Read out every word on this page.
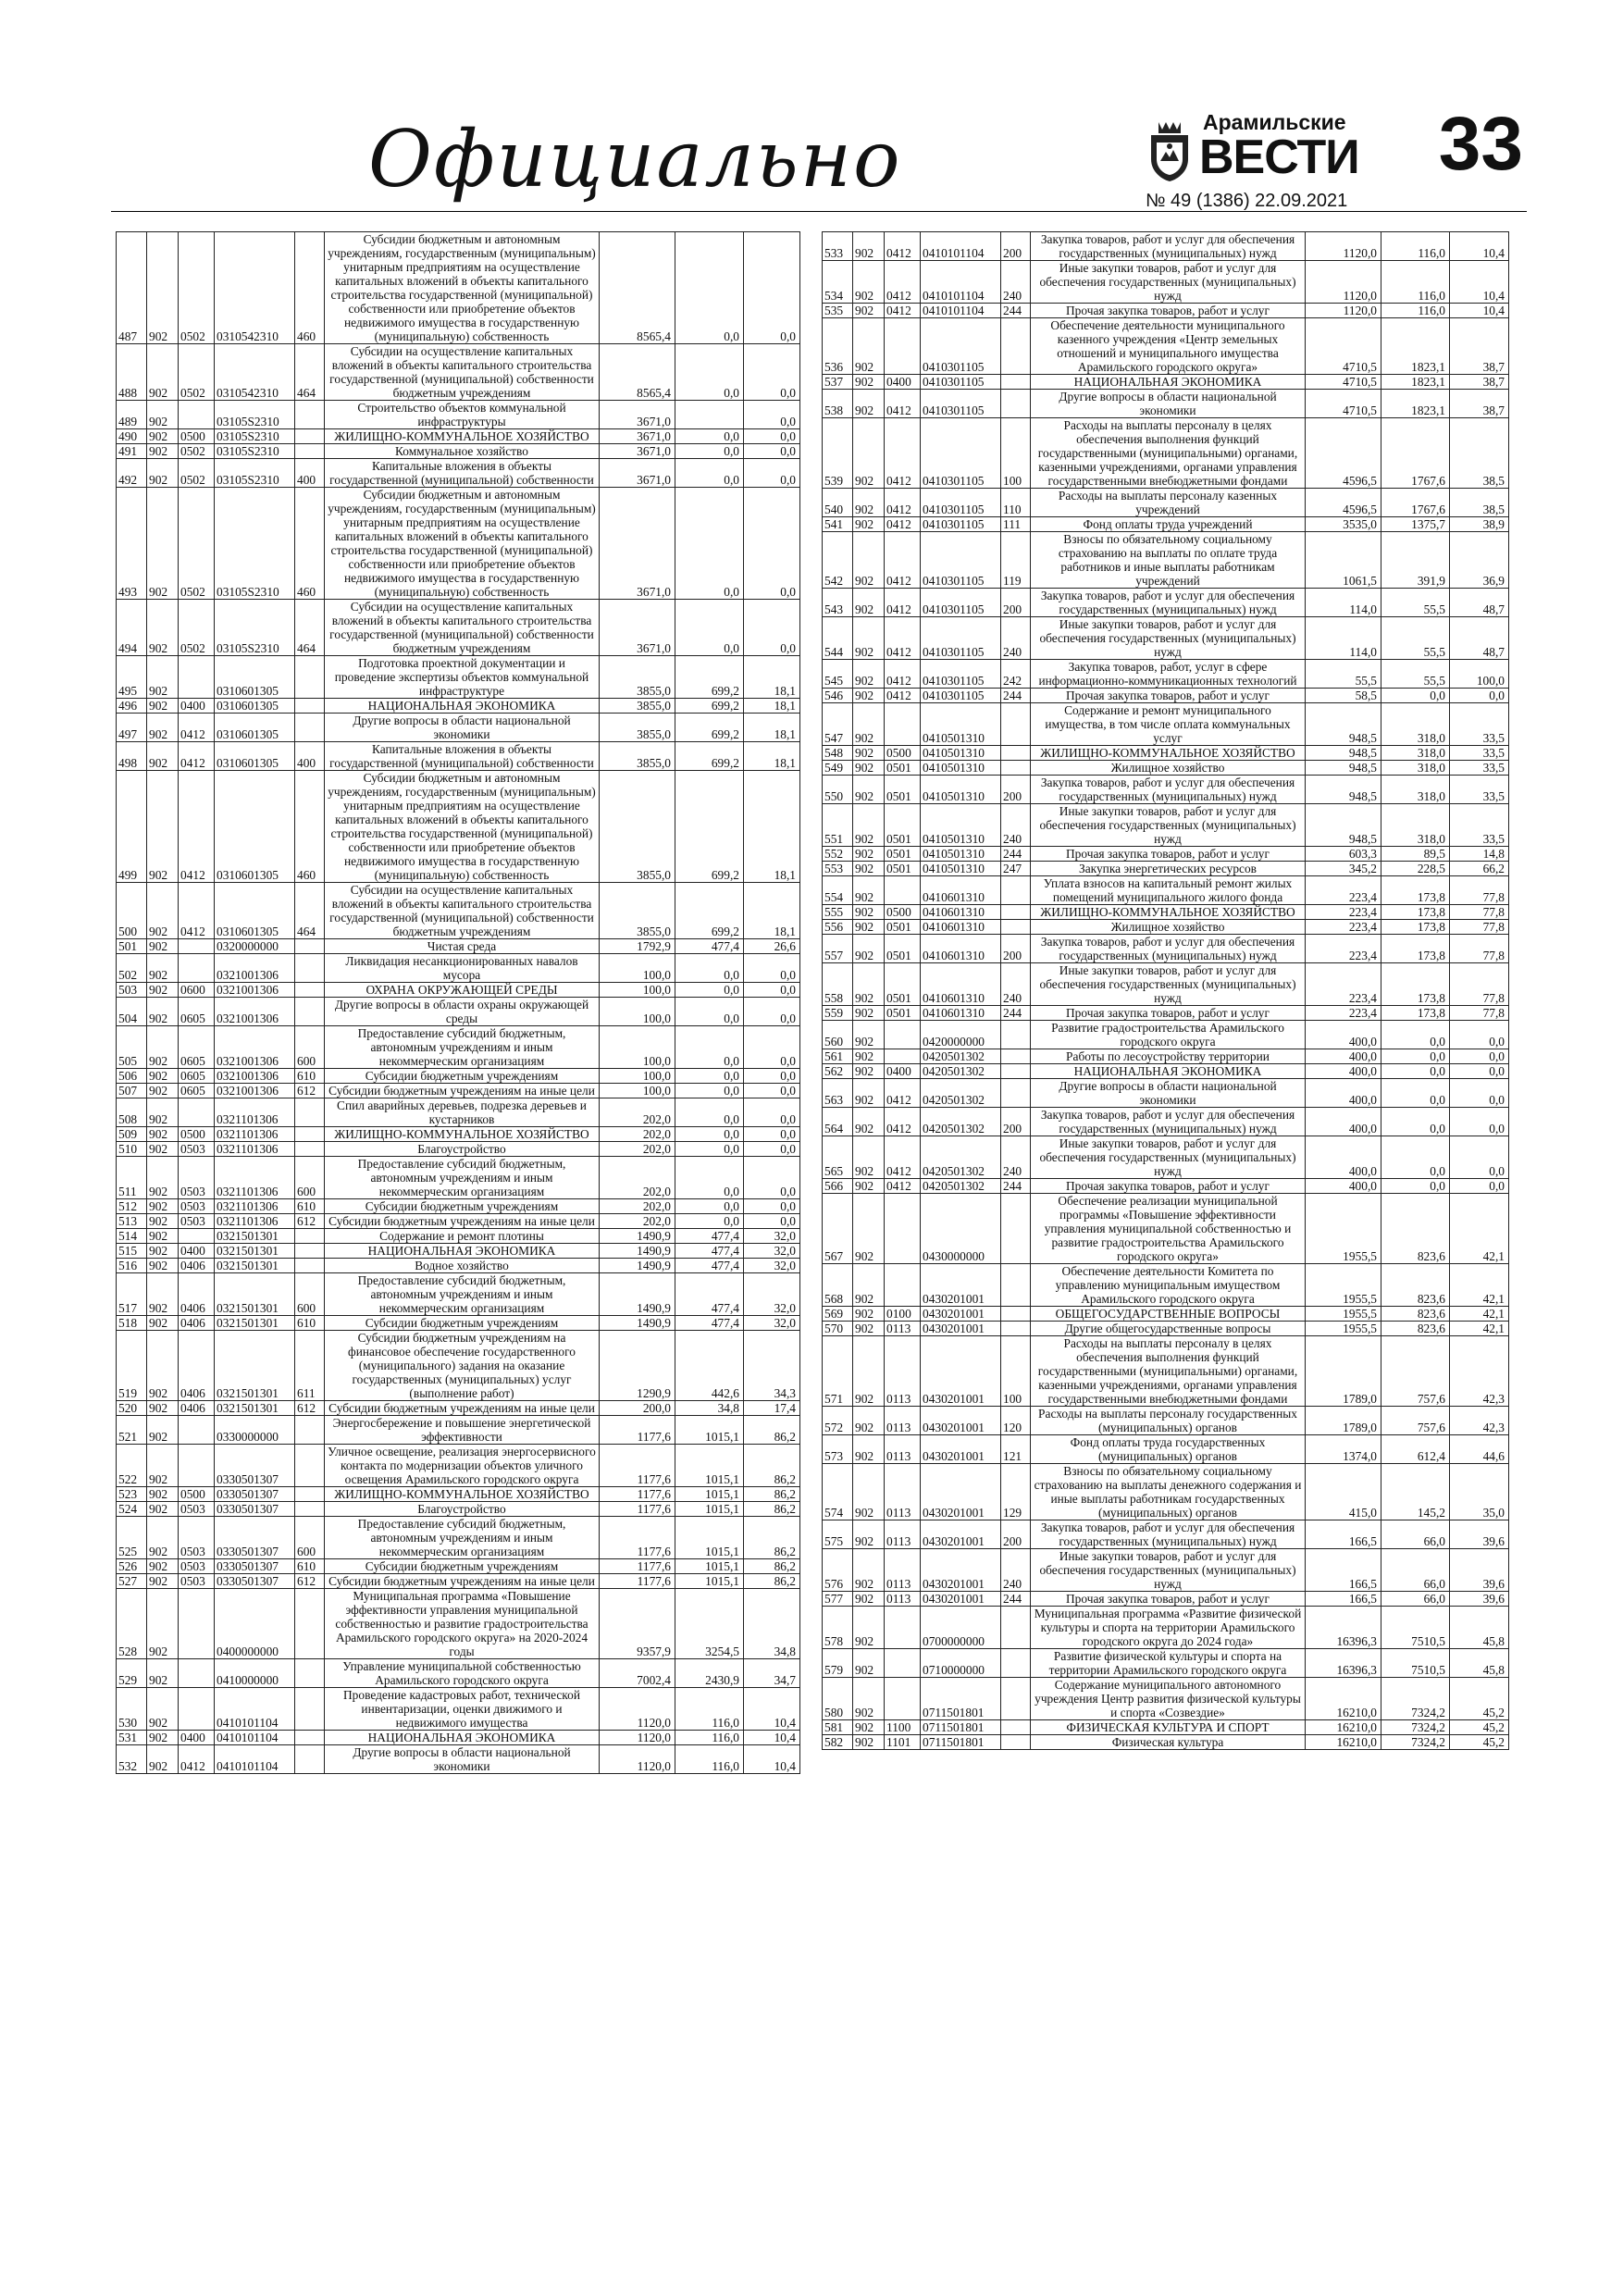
Официально	Арамильские
ВЕСТИ
№ 49 (1386) 22.09.2021
33
487	902	0502	0310542310	460	Субсидии бюджетным и автономным учреждениям, государственным (муниципальным) унитарным предприятиям на осуществление капитальных вложений в объекты капитального строительства государственной (муниципальной) собственности или приобретение объектов недвижимого имущества в государственную (муниципальную) собственность	8565,4	0,0	0,0
488	902	0502	0310542310	464	Субсидии на осуществление капитальных вложений в объекты капитального строительства государственной (муниципальной) собственности бюджетным учреждениям	8565,4	0,0	0,0
489	902		03105S2310		Строительство объектов коммунальной инфраструктуры	3671,0		0,0
490	902	0500	03105S2310		ЖИЛИЩНО-КОММУНАЛЬНОЕ ХОЗЯЙСТВО	3671,0	0,0	0,0
491	902	0502	03105S2310		Коммунальное хозяйство	3671,0	0,0	0,0
492	902	0502	03105S2310	400	Капитальные вложения в объекты государственной (муниципальной) собственности	3671,0	0,0	0,0
493	902	0502	03105S2310	460	Субсидии бюджетным и автономным учреждениям, государственным (муниципальным) унитарным предприятиям на осуществление капитальных вложений в объекты капитального строительства государственной (муниципальной) собственности или приобретение объектов недвижимого имущества в государственную (муниципальную) собственность	3671,0	0,0	0,0
494	902	0502	03105S2310	464	Субсидии на осуществление капитальных вложений в объекты капитального строительства государственной (муниципальной) собственности бюджетным учреждениям	3671,0	0,0	0,0
495	902		0310601305		Подготовка проектной документации и проведение экспертизы объектов коммунальной инфраструктуре	3855,0	699,2	18,1
496	902	0400	0310601305		НАЦИОНАЛЬНАЯ ЭКОНОМИКА	3855,0	699,2	18,1
497	902	0412	0310601305		Другие вопросы в области национальной экономики	3855,0	699,2	18,1
498	902	0412	0310601305	400	Капитальные вложения в объекты государственной (муниципальной) собственности	3855,0	699,2	18,1
499	902	0412	0310601305	460	Субсидии бюджетным и автономным учреждениям, государственным (муниципальным) унитарным предприятиям на осуществление капитальных вложений в объекты капитального строительства государственной (муниципальной) собственности или приобретение объектов недвижимого имущества в государственную (муниципальную) собственность	3855,0	699,2	18,1
500	902	0412	0310601305	464	Субсидии на осуществление капитальных вложений в объекты капитального строительства государственной (муниципальной) собственности бюджетным учреждениям	3855,0	699,2	18,1
501	902		0320000000		Чистая среда	1792,9	477,4	26,6
502	902		0321001306		Ликвидация несанкционированных навалов мусора	100,0	0,0	0,0
503	902	0600	0321001306		ОХРАНА ОКРУЖАЮЩЕЙ СРЕДЫ	100,0	0,0	0,0
504	902	0605	0321001306		Другие вопросы в области охраны окружающей среды	100,0	0,0	0,0
505	902	0605	0321001306	600	Предоставление субсидий бюджетным, автономным учреждениям и иным некоммерческим организациям	100,0	0,0	0,0
506	902	0605	0321001306	610	Субсидии бюджетным учреждениям	100,0	0,0	0,0
507	902	0605	0321001306	612	Субсидии бюджетным учреждениям на иные цели	100,0	0,0	0,0
508	902		0321101306		Спил аварийных деревьев, подрезка деревьев и кустарников	202,0	0,0	0,0
509	902	0500	0321101306		ЖИЛИЩНО-КОММУНАЛЬНОЕ ХОЗЯЙСТВО	202,0	0,0	0,0
510	902	0503	0321101306		Благоустройство	202,0	0,0	0,0
511	902	0503	0321101306	600	Предоставление субсидий бюджетным, автономным учреждениям и иным некоммерческим организациям	202,0	0,0	0,0
512	902	0503	0321101306	610	Субсидии бюджетным учреждениям	202,0	0,0	0,0
513	902	0503	0321101306	612	Субсидии бюджетным учреждениям на иные цели	202,0	0,0	0,0
514	902		0321501301		Содержание и ремонт плотины	1490,9	477,4	32,0
515	902	0400	0321501301		НАЦИОНАЛЬНАЯ ЭКОНОМИКА	1490,9	477,4	32,0
516	902	0406	0321501301		Водное хозяйство	1490,9	477,4	32,0
517	902	0406	0321501301	600	Предоставление субсидий бюджетным, автономным учреждениям и иным некоммерческим организациям	1490,9	477,4	32,0
518	902	0406	0321501301	610	Субсидии бюджетным учреждениям	1490,9	477,4	32,0
519	902	0406	0321501301	611	Субсидии бюджетным учреждениям на финансовое обеспечение государственного (муниципального) задания на оказание государственных (муниципальных) услуг (выполнение работ)	1290,9	442,6	34,3
520	902	0406	0321501301	612	Субсидии бюджетным учреждениям на иные цели	200,0	34,8	17,4
521	902		0330000000		Энергосбережение и повышение энергетической эффективности	1177,6	1015,1	86,2
522	902		0330501307		Уличное освещение, реализация энергосервисного контакта по модернизации объектов уличного освещения Арамильского городского округа	1177,6	1015,1	86,2
523	902	0500	0330501307		ЖИЛИЩНО-КОММУНАЛЬНОЕ ХОЗЯЙСТВО	1177,6	1015,1	86,2
524	902	0503	0330501307		Благоустройство	1177,6	1015,1	86,2
525	902	0503	0330501307	600	Предоставление субсидий бюджетным, автономным учреждениям и иным некоммерческим организациям	1177,6	1015,1	86,2
526	902	0503	0330501307	610	Субсидии бюджетным учреждениям	1177,6	1015,1	86,2
527	902	0503	0330501307	612	Субсидии бюджетным учреждениям на иные цели	1177,6	1015,1	86,2
528	902		0400000000		Муниципальная программа «Повышение эффективности управления муниципальной собственностью и развитие градостроительства Арамильского городского округа» на 2020-2024 годы	9357,9	3254,5	34,8
529	902		0410000000		Управление муниципальной собственностью Арамильского городского округа	7002,4	2430,9	34,7
530	902		0410101104		Проведение кадастровых работ, технической инвентаризации, оценки движимого и недвижимого имущества	1120,0	116,0	10,4
531	902	0400	0410101104		НАЦИОНАЛЬНАЯ ЭКОНОМИКА	1120,0	116,0	10,4
532	902	0412	0410101104		Другие вопросы в области национальной экономики	1120,0	116,0	10,4
533	902	0412	0410101104	200	Закупка товаров, работ и услуг для обеспечения государственных (муниципальных) нужд	1120,0	116,0	10,4
534	902	0412	0410101104	240	Иные закупки товаров, работ и услуг для обеспечения государственных (муниципальных) нужд	1120,0	116,0	10,4
535	902	0412	0410101104	244	Прочая закупка товаров, работ и услуг	1120,0	116,0	10,4
536	902		0410301105		Обеспечение деятельности муниципального казенного учреждения «Центр земельных отношений и муниципального имущества Арамильского городского округа»	4710,5	1823,1	38,7
537	902	0400	0410301105		НАЦИОНАЛЬНАЯ ЭКОНОМИКА	4710,5	1823,1	38,7
538	902	0412	0410301105		Другие вопросы в области национальной экономики	4710,5	1823,1	38,7
539	902	0412	0410301105	100	Расходы на выплаты персоналу в целях обеспечения выполнения функций государственными (муниципальными) органами, казенными учреждениями, органами управления государственными внебюджетными фондами	4596,5	1767,6	38,5
540	902	0412	0410301105	110	Расходы на выплаты персоналу казенных учреждений	4596,5	1767,6	38,5
541	902	0412	0410301105	111	Фонд оплаты труда учреждений	3535,0	1375,7	38,9
542	902	0412	0410301105	119	Взносы по обязательному социальному страхованию на выплаты по оплате труда работников и иные выплаты работникам учреждений	1061,5	391,9	36,9
543	902	0412	0410301105	200	Закупка товаров, работ и услуг для обеспечения государственных (муниципальных) нужд	114,0	55,5	48,7
544	902	0412	0410301105	240	Иные закупки товаров, работ и услуг для обеспечения государственных (муниципальных) нужд	114,0	55,5	48,7
545	902	0412	0410301105	242	Закупка товаров, работ, услуг в сфере информационно-коммуникационных технологий	55,5	55,5	100,0
546	902	0412	0410301105	244	Прочая закупка товаров, работ и услуг	58,5	0,0	0,0
547	902		0410501310		Содержание и ремонт муниципального имущества, в том числе оплата коммунальных услуг	948,5	318,0	33,5
548	902	0500	0410501310		ЖИЛИЩНО-КОММУНАЛЬНОЕ ХОЗЯЙСТВО	948,5	318,0	33,5
549	902	0501	0410501310		Жилищное хозяйство	948,5	318,0	33,5
550	902	0501	0410501310	200	Закупка товаров, работ и услуг для обеспечения государственных (муниципальных) нужд	948,5	318,0	33,5
551	902	0501	0410501310	240	Иные закупки товаров, работ и услуг для обеспечения государственных (муниципальных) нужд	948,5	318,0	33,5
552	902	0501	0410501310	244	Прочая закупка товаров, работ и услуг	603,3	89,5	14,8
553	902	0501	0410501310	247	Закупка энергетических ресурсов	345,2	228,5	66,2
554	902		0410601310		Уплата взносов на капитальный ремонт жилых помещений муниципального жилого фонда	223,4	173,8	77,8
555	902	0500	0410601310		ЖИЛИЩНО-КОММУНАЛЬНОЕ ХОЗЯЙСТВО	223,4	173,8	77,8
556	902	0501	0410601310		Жилищное хозяйство	223,4	173,8	77,8
557	902	0501	0410601310	200	Закупка товаров, работ и услуг для обеспечения государственных (муниципальных) нужд	223,4	173,8	77,8
558	902	0501	0410601310	240	Иные закупки товаров, работ и услуг для обеспечения государственных (муниципальных) нужд	223,4	173,8	77,8
559	902	0501	0410601310	244	Прочая закупка товаров, работ и услуг	223,4	173,8	77,8
560	902		0420000000		Развитие градостроительства Арамильского городского округа	400,0	0,0	0,0
561	902		0420501302		Работы по лесоустройству территории	400,0	0,0	0,0
562	902	0400	0420501302		НАЦИОНАЛЬНАЯ ЭКОНОМИКА	400,0	0,0	0,0
563	902	0412	0420501302		Другие вопросы в области национальной экономики	400,0	0,0	0,0
564	902	0412	0420501302	200	Закупка товаров, работ и услуг для обеспечения государственных (муниципальных) нужд	400,0	0,0	0,0
565	902	0412	0420501302	240	Иные закупки товаров, работ и услуг для обеспечения государственных (муниципальных) нужд	400,0	0,0	0,0
566	902	0412	0420501302	244	Прочая закупка товаров, работ и услуг	400,0	0,0	0,0
567	902		0430000000		Обеспечение реализации муниципальной программы «Повышение эффективности управления муниципальной собственностью и развитие градостроительства Арамильского городского округа»	1955,5	823,6	42,1
568	902		0430201001		Обеспечение деятельности Комитета по управлению муниципальным имуществом Арамильского городского округа	1955,5	823,6	42,1
569	902	0100	0430201001		ОБЩЕГОСУДАРСТВЕННЫЕ ВОПРОСЫ	1955,5	823,6	42,1
570	902	0113	0430201001		Другие общегосударственные вопросы	1955,5	823,6	42,1
571	902	0113	0430201001	100	Расходы на выплаты персоналу в целях обеспечения выполнения функций государственными (муниципальными) органами, казенными учреждениями, органами управления государственными внебюджетными фондами	1789,0	757,6	42,3
572	902	0113	0430201001	120	Расходы на выплаты персоналу государственных (муниципальных) органов	1789,0	757,6	42,3
573	902	0113	0430201001	121	Фонд оплаты труда государственных (муниципальных) органов	1374,0	612,4	44,6
574	902	0113	0430201001	129	Взносы по обязательному социальному страхованию на выплаты денежного содержания и иные выплаты работникам государственных (муниципальных) органов	415,0	145,2	35,0
575	902	0113	0430201001	200	Закупка товаров, работ и услуг для обеспечения государственных (муниципальных) нужд	166,5	66,0	39,6
576	902	0113	0430201001	240	Иные закупки товаров, работ и услуг для обеспечения государственных (муниципальных) нужд	166,5	66,0	39,6
577	902	0113	0430201001	244	Прочая закупка товаров, работ и услуг	166,5	66,0	39,6
578	902		0700000000		Муниципальная программа «Развитие физической культуры и спорта на территории Арамильского городского округа до 2024 года»	16396,3	7510,5	45,8
579	902		0710000000		Развитие физической культуры и спорта на территории Арамильского городского округа	16396,3	7510,5	45,8
580	902		0711501801		Содержание муниципального автономного учреждения Центр развития физической культуры и спорта «Созвездие»	16210,0	7324,2	45,2
581	902	1100	0711501801		ФИЗИЧЕСКАЯ КУЛЬТУРА И СПОРТ	16210,0	7324,2	45,2
582	902	1101	0711501801		Физическая культура	16210,0	7324,2	45,2
